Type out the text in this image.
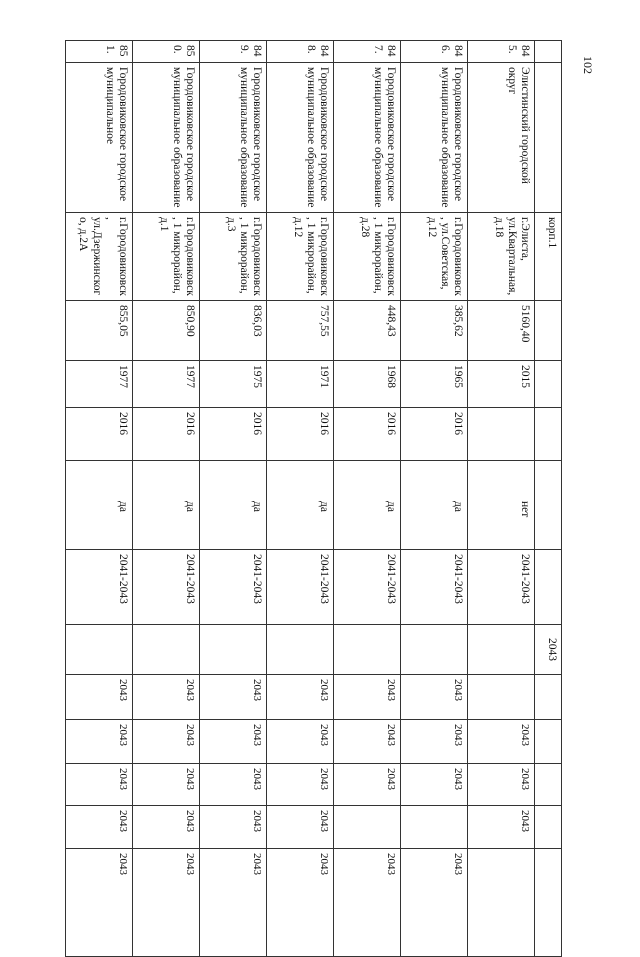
102
		корп.1						2043					
845.	Элистинский городской округ	г.Элиста, ул.Квартальная, д.18	5160,40	2015		нет	2041-2043			2043	2043	2043	
846.	Городовиковское городское муниципальное образование	г.Городовиковск, ул.Советская, д.12	385,62	1965	2016	да	2041-2043		2043	2043	2043		2043
847.	Городовиковское городское муниципальное образование	г.Городовиковск, 1 микрорайон, д.28	448,43	1968	2016	да	2041-2043		2043	2043	2043		2043
848.	Городовиковское городское муниципальное образование	г.Городовиковск, 1 микрорайон, д.12	757,55	1971	2016	да	2041-2043		2043	2043	2043	2043	2043
849.	Городовиковское городское муниципальное образование	г.Городовиковск, 1 микрорайон, д.3	836,03	1975	2016	да	2041-2043		2043	2043	2043	2043	2043
850.	Городовиковское городское муниципальное образование	г.Городовиковск, 1 микрорайон, д.1	850,90	1977	2016	да	2041-2043		2043	2043	2043	2043	2043
851.	Городовиковское городское муниципальное	г.Городовиковск, ул.Дзержинского, д.2А	855,05	1977	2016	да	2041-2043		2043	2043	2043	2043	2043
